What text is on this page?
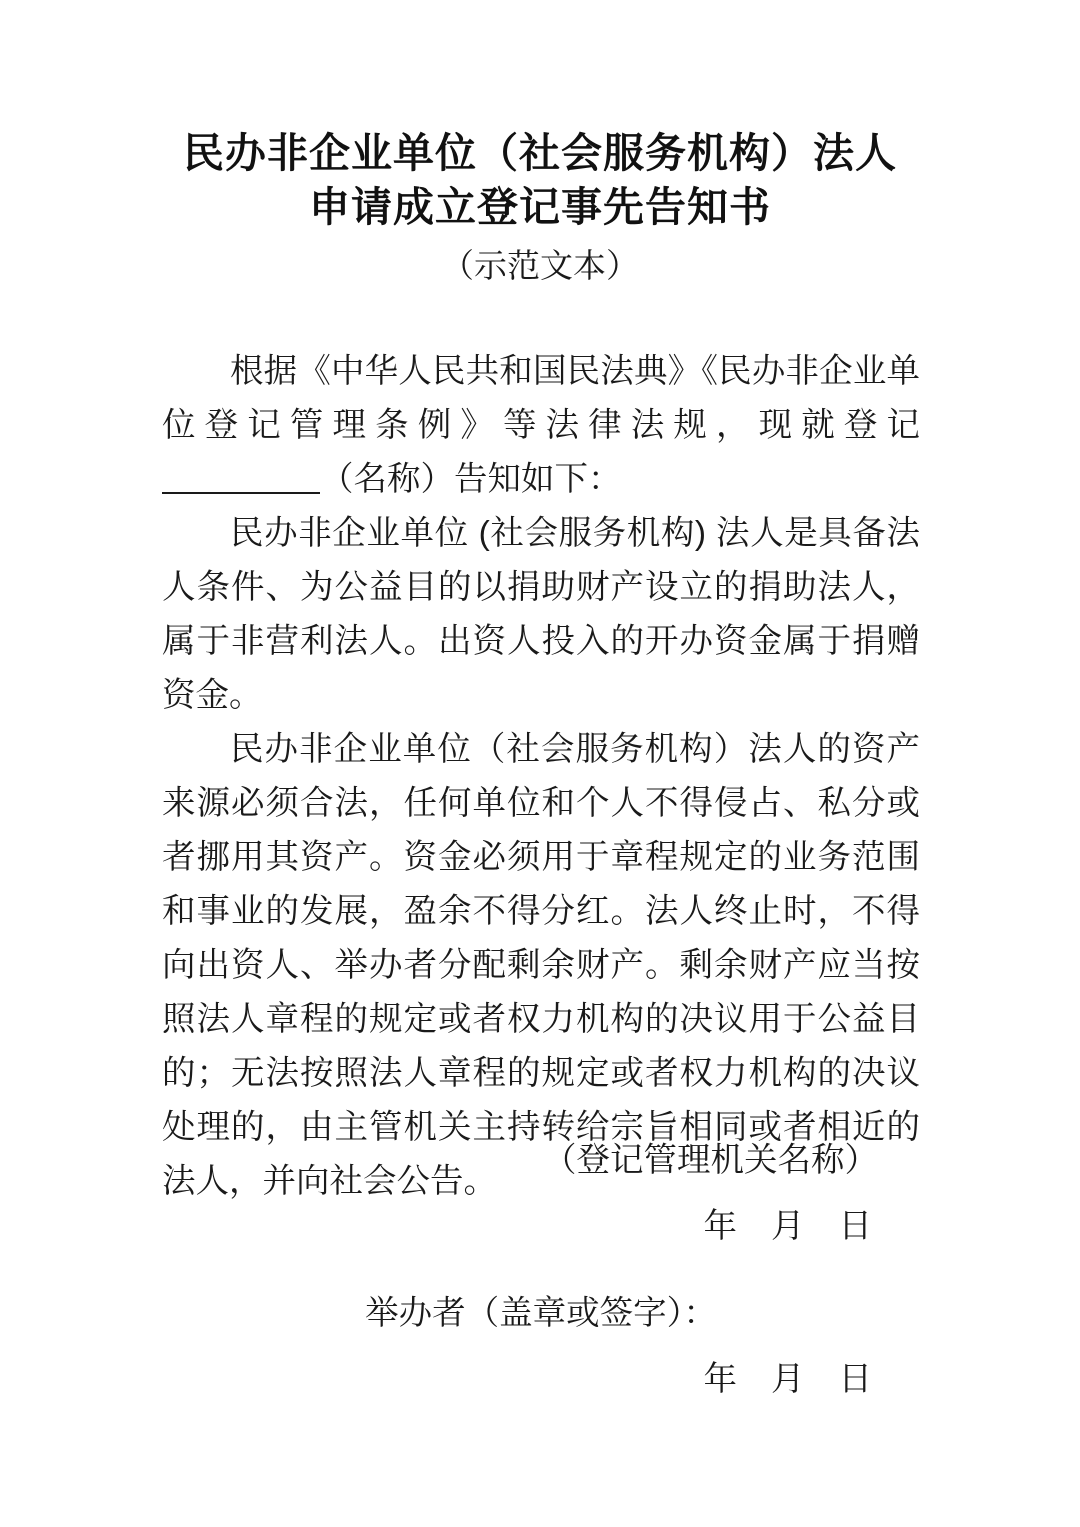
民办非企业单位（社会服务机构）法人
申请成立登记事先告知书
（示范文本）

根据《中华人民共和国民法典》《民办非企业单位登记管理条例》等法律法规，现就登记（名称）告知如下：

民办非企业单位 (社会服务机构) 法人是具备法人条件、为公益目的以捐助财产设立的捐助法人，属于非营利法人。出资人投入的开办资金属于捐赠资金。

民办非企业单位（社会服务机构）法人的资产来源必须合法，任何单位和个人不得侵占、私分或者挪用其资产。资金必须用于章程规定的业务范围和事业的发展，盈余不得分红。法人终止时，不得向出资人、举办者分配剩余财产。剩余财产应当按照法人章程的规定或者权力机构的决议用于公益目的；无法按照法人章程的规定或者权力机构的决议处理的，由主管机关主持转给宗旨相同或者相近的法人，并向社会公告。

（登记管理机关名称）
年 月 日
举办者（盖章或签字）：
年 月 日
